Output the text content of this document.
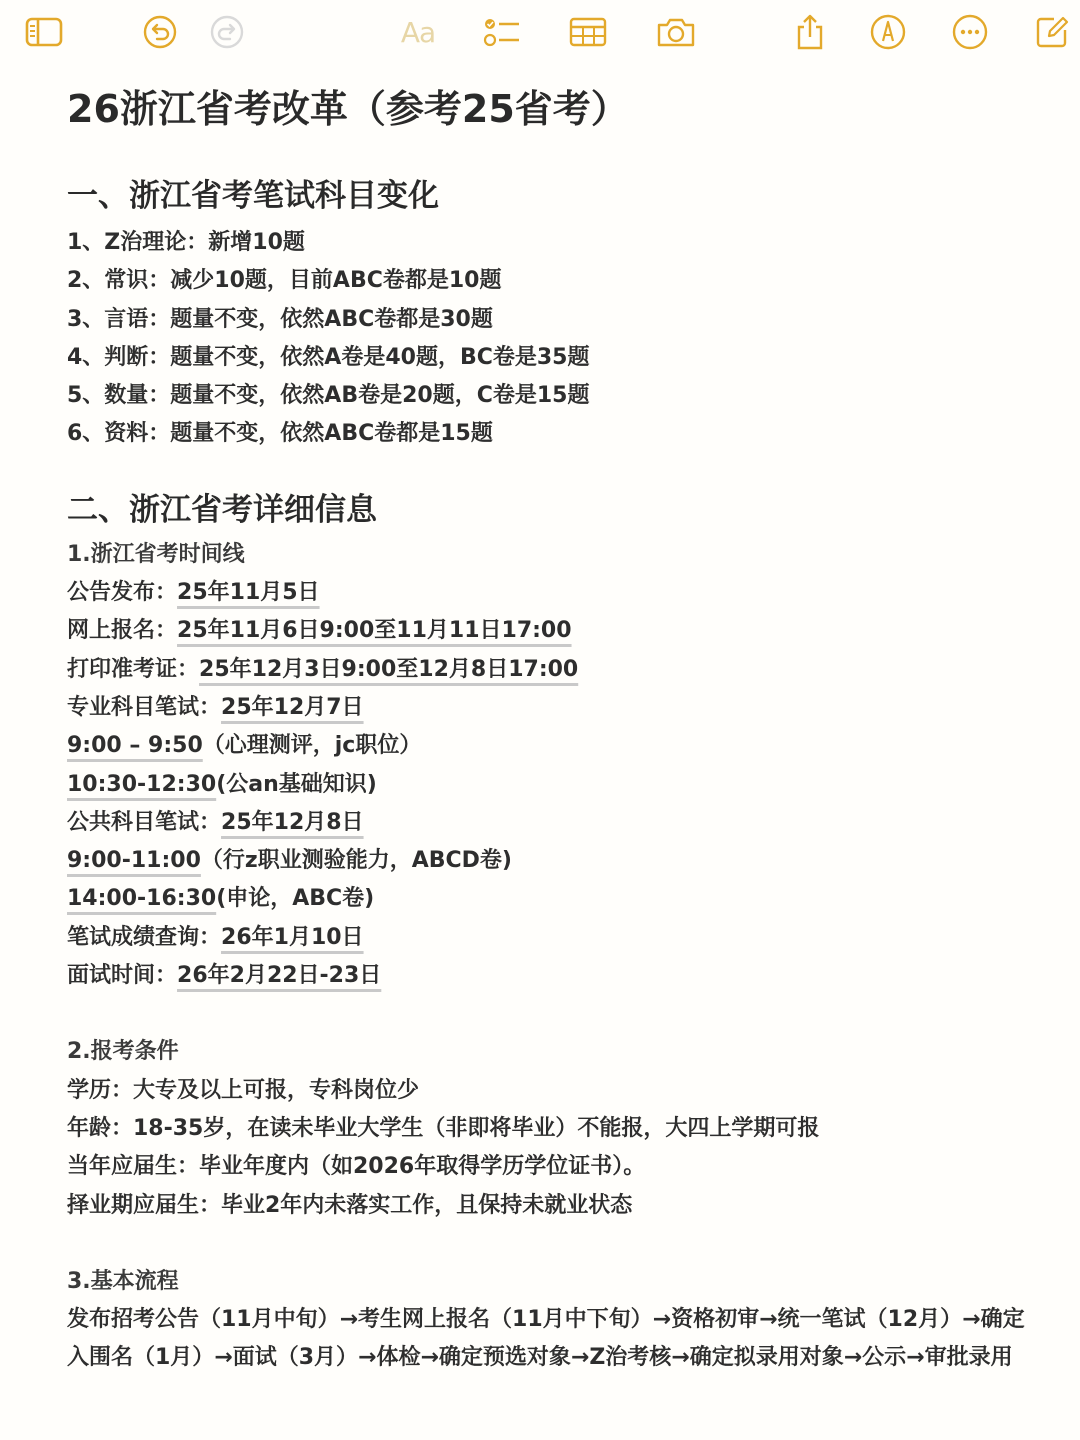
Aa
26浙江省考改革（参考25省考）
一、浙江省考笔试科目变化
1、Z治理论：新增10题
2、常识：减少10题，目前ABC卷都是10题
3、言语：题量不变，依然ABC卷都是30题
4、判断：题量不变，依然A卷是40题，BC卷是35题
5、数量：题量不变，依然AB卷是20题，C卷是15题
6、资料：题量不变，依然ABC卷都是15题
二、浙江省考详细信息
1.浙江省考时间线
公告发布：25年11月5日
网上报名：25年11月6日9:00至11月11日17:00
打印准考证：25年12月3日9:00至12月8日17:00
专业科目笔试：25年12月7日
9:00 – 9:50（心理测评，jc职位）
10:30-12:30(公an基础知识)
公共科目笔试：25年12月8日
9:00-11:00（行z职业测验能力，ABCD卷)
14:00-16:30(申论，ABC卷)
笔试成绩查询：26年1月10日
面试时间：26年2月22日-23日
2.报考条件
学历：大专及以上可报，专科岗位少
年龄：18-35岁，在读未毕业大学生（非即将毕业）不能报，大四上学期可报
当年应届生：毕业年度内（如2026年取得学历学位证书）。
择业期应届生：毕业2年内未落实工作，且保持未就业状态
3.基本流程
发布招考公告（11月中旬）→考生网上报名（11月中下旬）→资格初审→统一笔试（12月）→确定入围名（1月）→面试（3月）→体检→确定预选对象→Z治考核→确定拟录用对象→公示→审批录用
